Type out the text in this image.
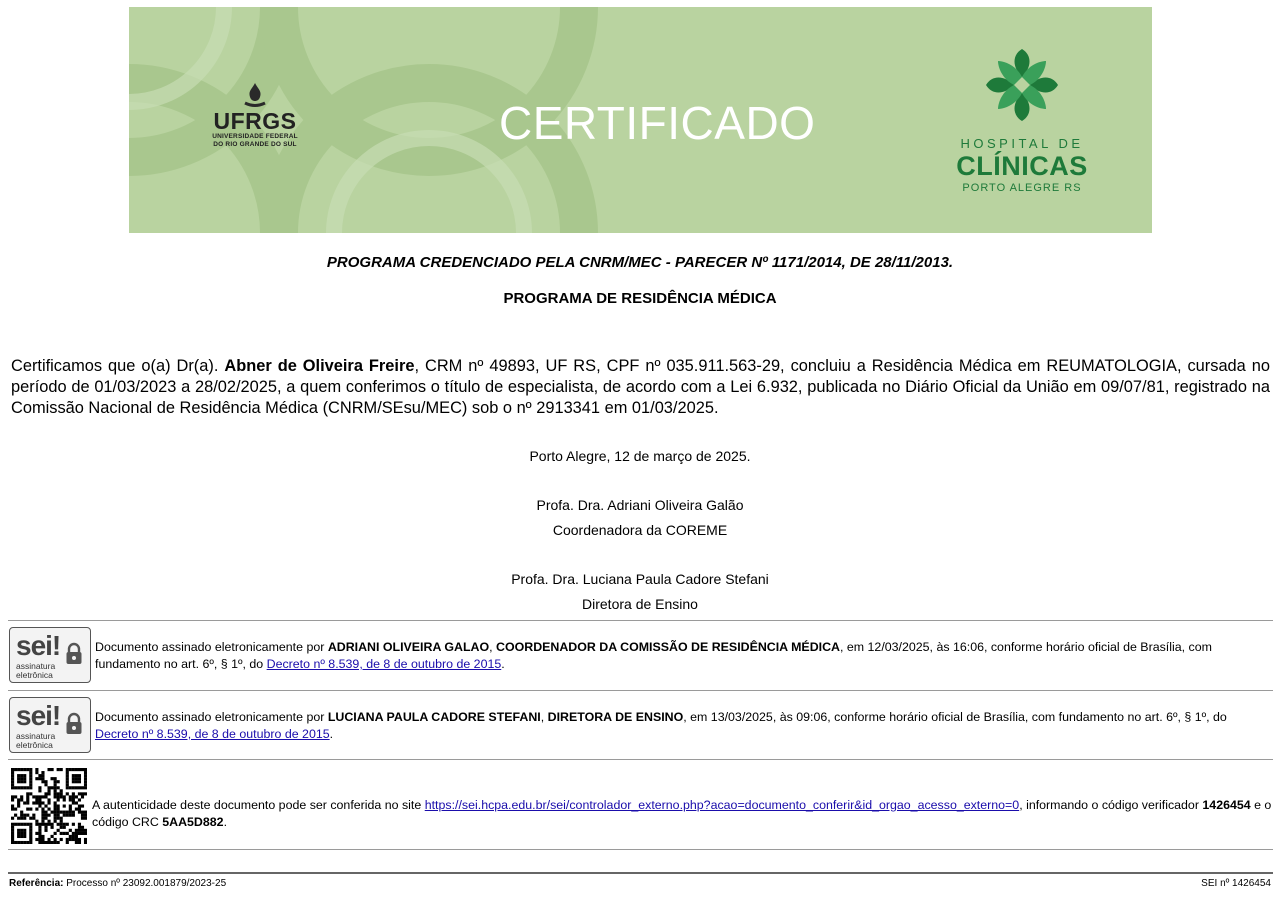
UFRGS
UNIVERSIDADE FEDERAL
DO RIO GRANDE DO SUL	CERTIFICADO	HOSPITAL DE
CLÍNICAS
PORTO ALEGRE RS
PROGRAMA CREDENCIADO PELA CNRM/MEC - PARECER Nº 1171/2014, DE 28/11/2013.
PROGRAMA DE RESIDÊNCIA MÉDICA
Certificamos que o(a) Dr(a). Abner de Oliveira Freire, CRM nº 49893, UF RS, CPF nº 035.911.563-29, concluiu a Residência Médica em REUMATOLOGIA, cursada no período de 01/03/2023 a 28/02/2025, a quem conferimos o título de especialista, de acordo com a Lei 6.932, publicada no Diário Oficial da União em 09/07/81, registrado na Comissão Nacional de Residência Médica (CNRM/SEsu/MEC) sob o nº 2913341 em 01/03/2025.
Porto Alegre, 12 de março de 2025.
Profa. Dra. Adriani Oliveira Galão
Coordenadora da COREME
Profa. Dra. Luciana Paula Cadore Stefani
Diretora de Ensino
sei!
assinatura
eletrônica
Documento assinado eletronicamente por ADRIANI OLIVEIRA GALAO, COORDENADOR DA COMISSÃO DE RESIDÊNCIA MÉDICA, em 12/03/2025, às 16:06, conforme horário oficial de Brasília, com fundamento no art. 6º, § 1º, do Decreto nº 8.539, de 8 de outubro de 2015.
sei!
assinatura
eletrônica
Documento assinado eletronicamente por LUCIANA PAULA CADORE STEFANI, DIRETORA DE ENSINO, em 13/03/2025, às 09:06, conforme horário oficial de Brasília, com fundamento no art. 6º, § 1º, do Decreto nº 8.539, de 8 de outubro de 2015.
A autenticidade deste documento pode ser conferida no site https://sei.hcpa.edu.br/sei/controlador_externo.php?acao=documento_conferir&id_orgao_acesso_externo=0, informando o código verificador 1426454 e o código CRC 5AA5D882.
Referência: Processo nº 23092.001879/2023-25	SEI nº 1426454
